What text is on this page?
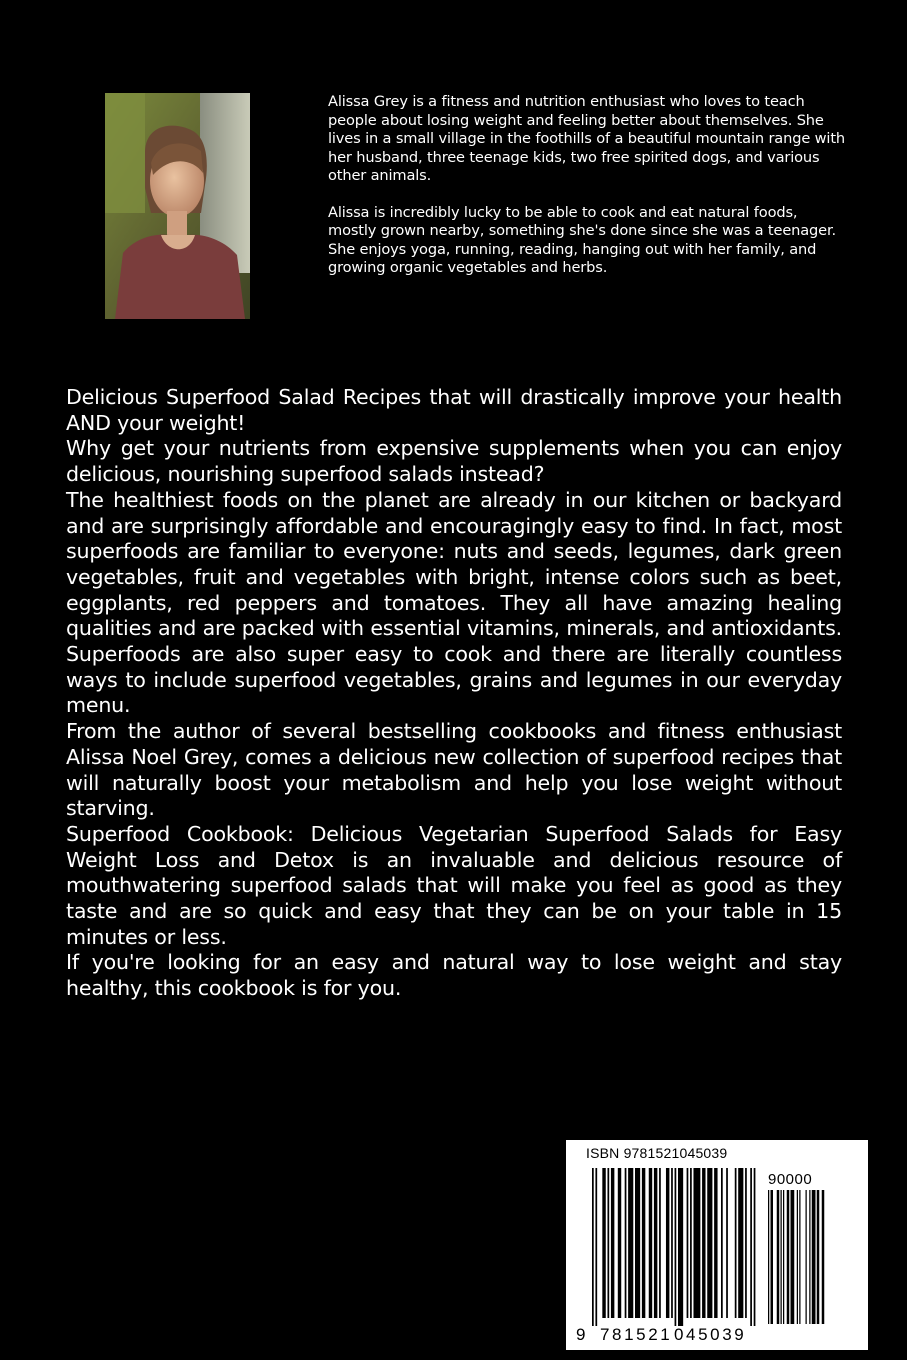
Alissa Grey is a fitness and nutrition enthusiast who loves to teach people about losing weight and feeling better about themselves. She lives in a small village in the foothills of a beautiful mountain range with her husband, three teenage kids, two free spirited dogs, and various other animals.

Alissa is incredibly lucky to be able to cook and eat natural foods, mostly grown nearby, something she's done since she was a teenager. She enjoys yoga, running, reading, hanging out with her family, and growing organic vegetables and herbs.

Delicious Superfood Salad Recipes that will drastically improve your health AND your weight!

Why get your nutrients from expensive supplements when you can enjoy delicious, nourishing superfood salads instead?

The healthiest foods on the planet are already in our kitchen or backyard and are surprisingly affordable and encouragingly easy to find. In fact, most superfoods are familiar to everyone: nuts and seeds, legumes, dark green vegetables, fruit and vegetables with bright, intense colors such as beet, eggplants, red peppers and tomatoes. They all have amazing healing qualities and are packed with essential vitamins, minerals, and antioxidants. Superfoods are also super easy to cook and there are literally countless ways to include superfood vegetables, grains and legumes in our everyday menu.

From the author of several bestselling cookbooks and fitness enthusiast Alissa Noel Grey, comes a delicious new collection of superfood recipes that will naturally boost your metabolism and help you lose weight without starving.

Superfood Cookbook: Delicious Vegetarian Superfood Salads for Easy Weight Loss and Detox is an invaluable and delicious resource of mouthwatering superfood salads that will make you feel as good as they taste and are so quick and easy that they can be on your table in 15 minutes or less.

If you're looking for an easy and natural way to lose weight and stay healthy, this cookbook is for you.

ISBN 9781521045039
90000
9 781521 045039
